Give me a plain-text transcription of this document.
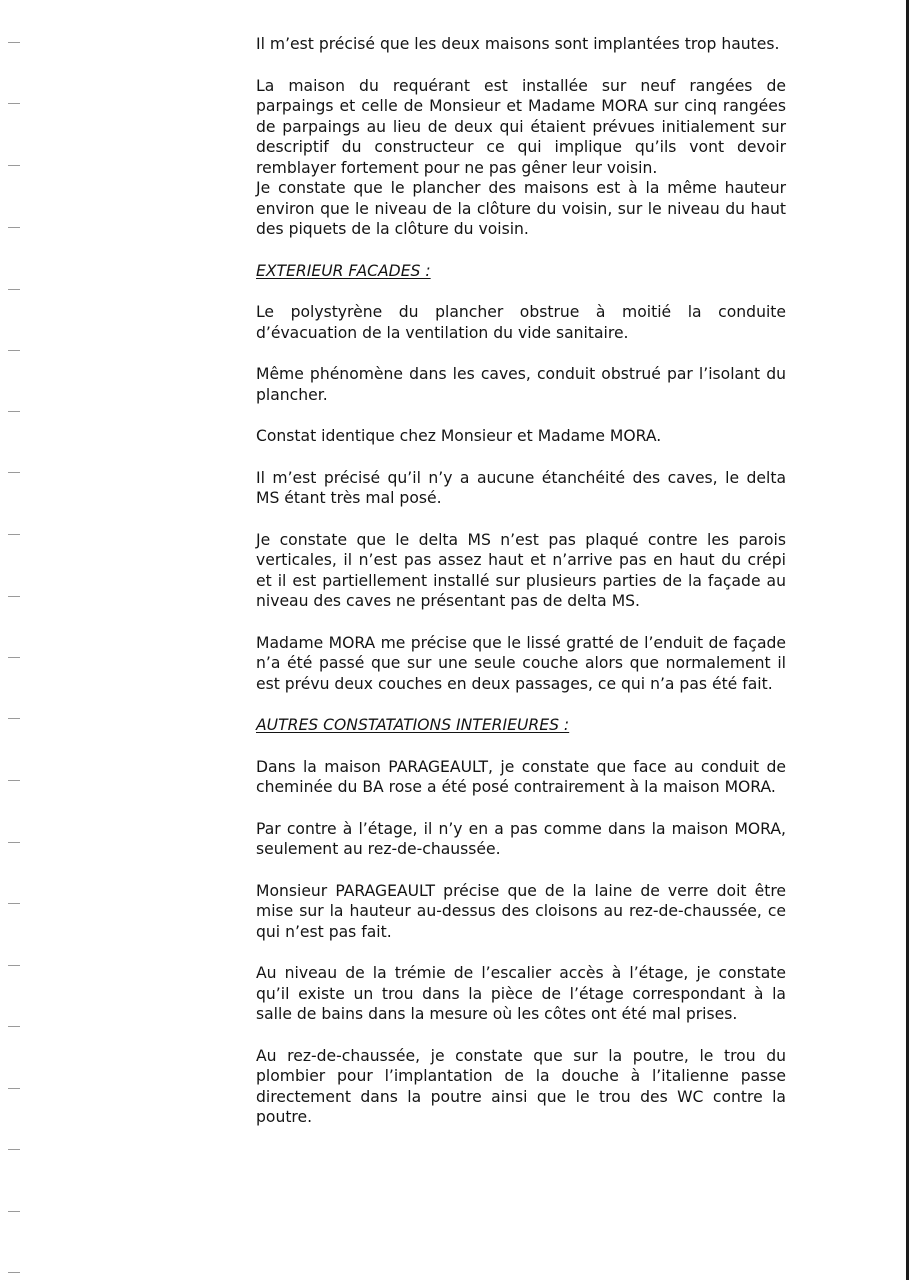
Il m’est précisé que les deux maisons sont implantées trop hautes.

La maison du requérant est installée sur neuf rangées de parpaings et celle de Monsieur et Madame MORA sur cinq rangées de parpaings au lieu de deux qui étaient prévues initialement sur descriptif du constructeur ce qui implique qu’ils vont devoir remblayer fortement pour ne pas gêner leur voisin.

Je constate que le plancher des maisons est à la même hauteur environ que le niveau de la clôture du voisin, sur le niveau du haut des piquets de la clôture du voisin.

EXTERIEUR FACADES :

Le polystyrène du plancher obstrue à moitié la conduite d’évacuation de la ventilation du vide sanitaire.

Même phénomène dans les caves, conduit obstrué par l’isolant du plancher.

Constat identique chez Monsieur et Madame MORA.

Il m’est précisé qu’il n’y a aucune étanchéité des caves, le delta MS étant très mal posé.

Je constate que le delta MS n’est pas plaqué contre les parois verticales, il n’est pas assez haut et n’arrive pas en haut du crépi et il est partiellement installé sur plusieurs parties de la façade au niveau des caves ne présentant pas de delta MS.

Madame MORA me précise que le lissé gratté de l’enduit de façade n’a été passé que sur une seule couche alors que normalement il est prévu deux couches en deux passages, ce qui n’a pas été fait.

AUTRES CONSTATATIONS INTERIEURES :

Dans la maison PARAGEAULT, je constate que face au conduit de cheminée du BA rose a été posé contrairement à la maison MORA.

Par contre à l’étage, il n’y en a pas comme dans la maison MORA, seulement au rez-de-chaussée.

Monsieur PARAGEAULT précise que de la laine de verre doit être mise sur la hauteur au-dessus des cloisons au rez-de-chaussée, ce qui n’est pas fait.

Au niveau de la trémie de l’escalier accès à l’étage, je constate qu’il existe un trou dans la pièce de l’étage correspondant à la salle de bains dans la mesure où les côtes ont été mal prises.

Au rez-de-chaussée, je constate que sur la poutre, le trou du plombier pour l’implantation de la douche à l’italienne passe directement dans la poutre ainsi que le trou des WC contre la poutre.
